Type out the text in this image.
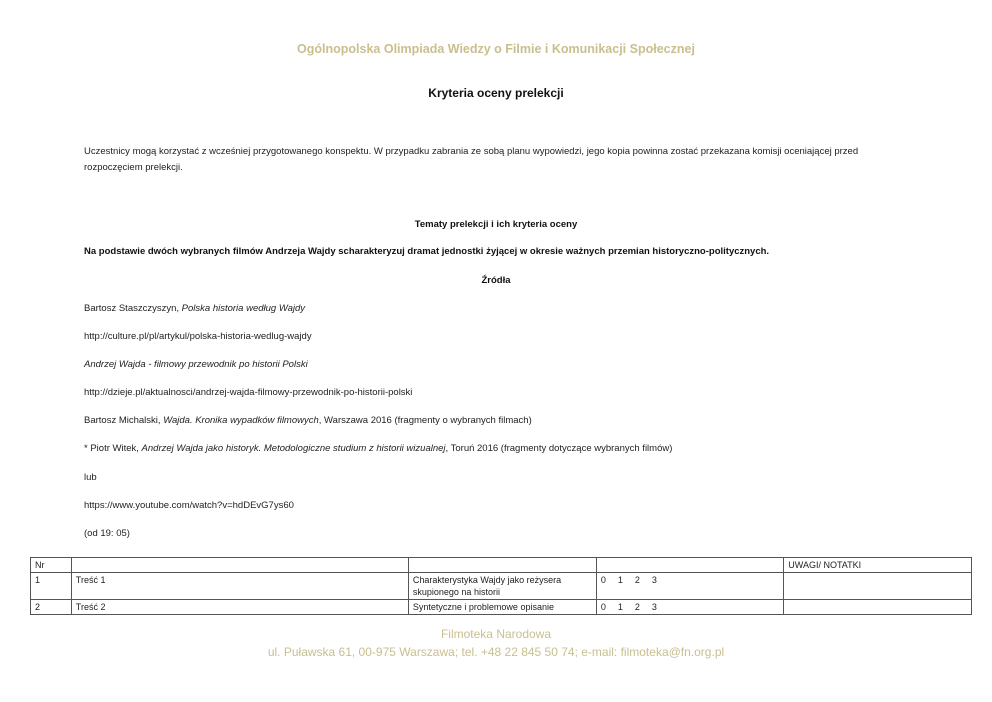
Ogólnopolska Olimpiada Wiedzy o Filmie i Komunikacji Społecznej
Kryteria oceny prelekcji
Uczestnicy mogą korzystać z wcześniej przygotowanego konspektu. W przypadku zabrania ze sobą planu wypowiedzi, jego kopia powinna zostać przekazana komisji oceniającej przed rozpoczęciem prelekcji.
Tematy prelekcji i ich kryteria oceny
Na podstawie dwóch wybranych filmów Andrzeja Wajdy scharakteryzuj dramat jednostki żyjącej w okresie ważnych przemian historyczno-politycznych.
Źródła
Bartosz Staszczyszyn, Polska historia według Wajdy
http://culture.pl/pl/artykul/polska-historia-wedlug-wajdy
Andrzej Wajda - filmowy przewodnik po historii Polski
http://dzieje.pl/aktualnosci/andrzej-wajda-filmowy-przewodnik-po-historii-polski
Bartosz Michalski, Wajda. Kronika wypadków filmowych, Warszawa 2016 (fragmenty o wybranych filmach)
* Piotr Witek, Andrzej Wajda jako historyk. Metodologiczne studium z historii wizualnej, Toruń 2016 (fragmenty dotyczące wybranych filmów)
lub
https://www.youtube.com/watch?v=hdDEvG7ys60
(od 19: 05)
Nr				UWAGI/ NOTATKI
1	Treść 1	Charakterystyka Wajdy jako reżysera skupionego na historii	0 1 2 3	
2	Treść 2	Syntetyczne i problemowe opisanie	0 1 2 3	
Filmoteka Narodowa
ul. Puławska 61, 00-975 Warszawa; tel. +48 22 845 50 74; e-mail: filmoteka@fn.org.pl
